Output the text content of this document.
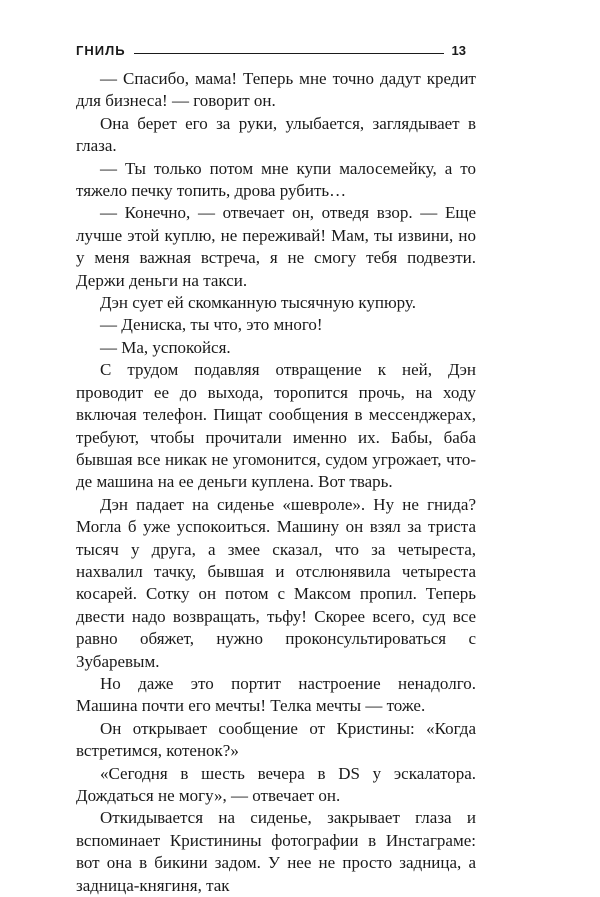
ГНИЛЬ	13

— Спасибо, мама! Теперь мне точно дадут кредит для бизнеса! — говорит он.

Она берет его за руки, улыбается, заглядывает в глаза.

— Ты только потом мне купи малосемейку, а то тяжело печку топить, дрова рубить…

— Конечно, — отвечает он, отведя взор. — Еще лучше этой куплю, не переживай! Мам, ты извини, но у меня важная встреча, я не смогу тебя подвезти. Держи деньги на такси.

Дэн сует ей скомканную тысячную купюру.

— Дениска, ты что, это много!

— Ма, успокойся.

С трудом подавляя отвращение к ней, Дэн проводит ее до выхода, торопится прочь, на ходу включая телефон. Пищат сообщения в мессенджерах, требуют, чтобы прочитали именно их. Бабы, баба бывшая все никак не угомонится, судом угрожает, что-де машина на ее деньги куплена. Вот тварь.

Дэн падает на сиденье «шевроле». Ну не гнида? Могла б уже успокоиться. Машину он взял за триста тысяч у друга, а змее сказал, что за четыреста, нахвалил тачку, бывшая и отслюнявила четыреста косарей. Сотку он потом с Максом пропил. Теперь двести надо возвращать, тьфу! Скорее всего, суд все равно обяжет, нужно проконсультироваться с Зубаревым.

Но даже это портит настроение ненадолго. Машина почти его мечты! Телка мечты — тоже.

Он открывает сообщение от Кристины: «Когда встретимся, котенок?»

«Сегодня в шесть вечера в DS у эскалатора. Дождаться не могу», — отвечает он.

Откидывается на сиденье, закрывает глаза и вспоминает Кристинины фотографии в Инстаграме: вот она в бикини задом. У нее не просто задница, а задница-княгиня, так
